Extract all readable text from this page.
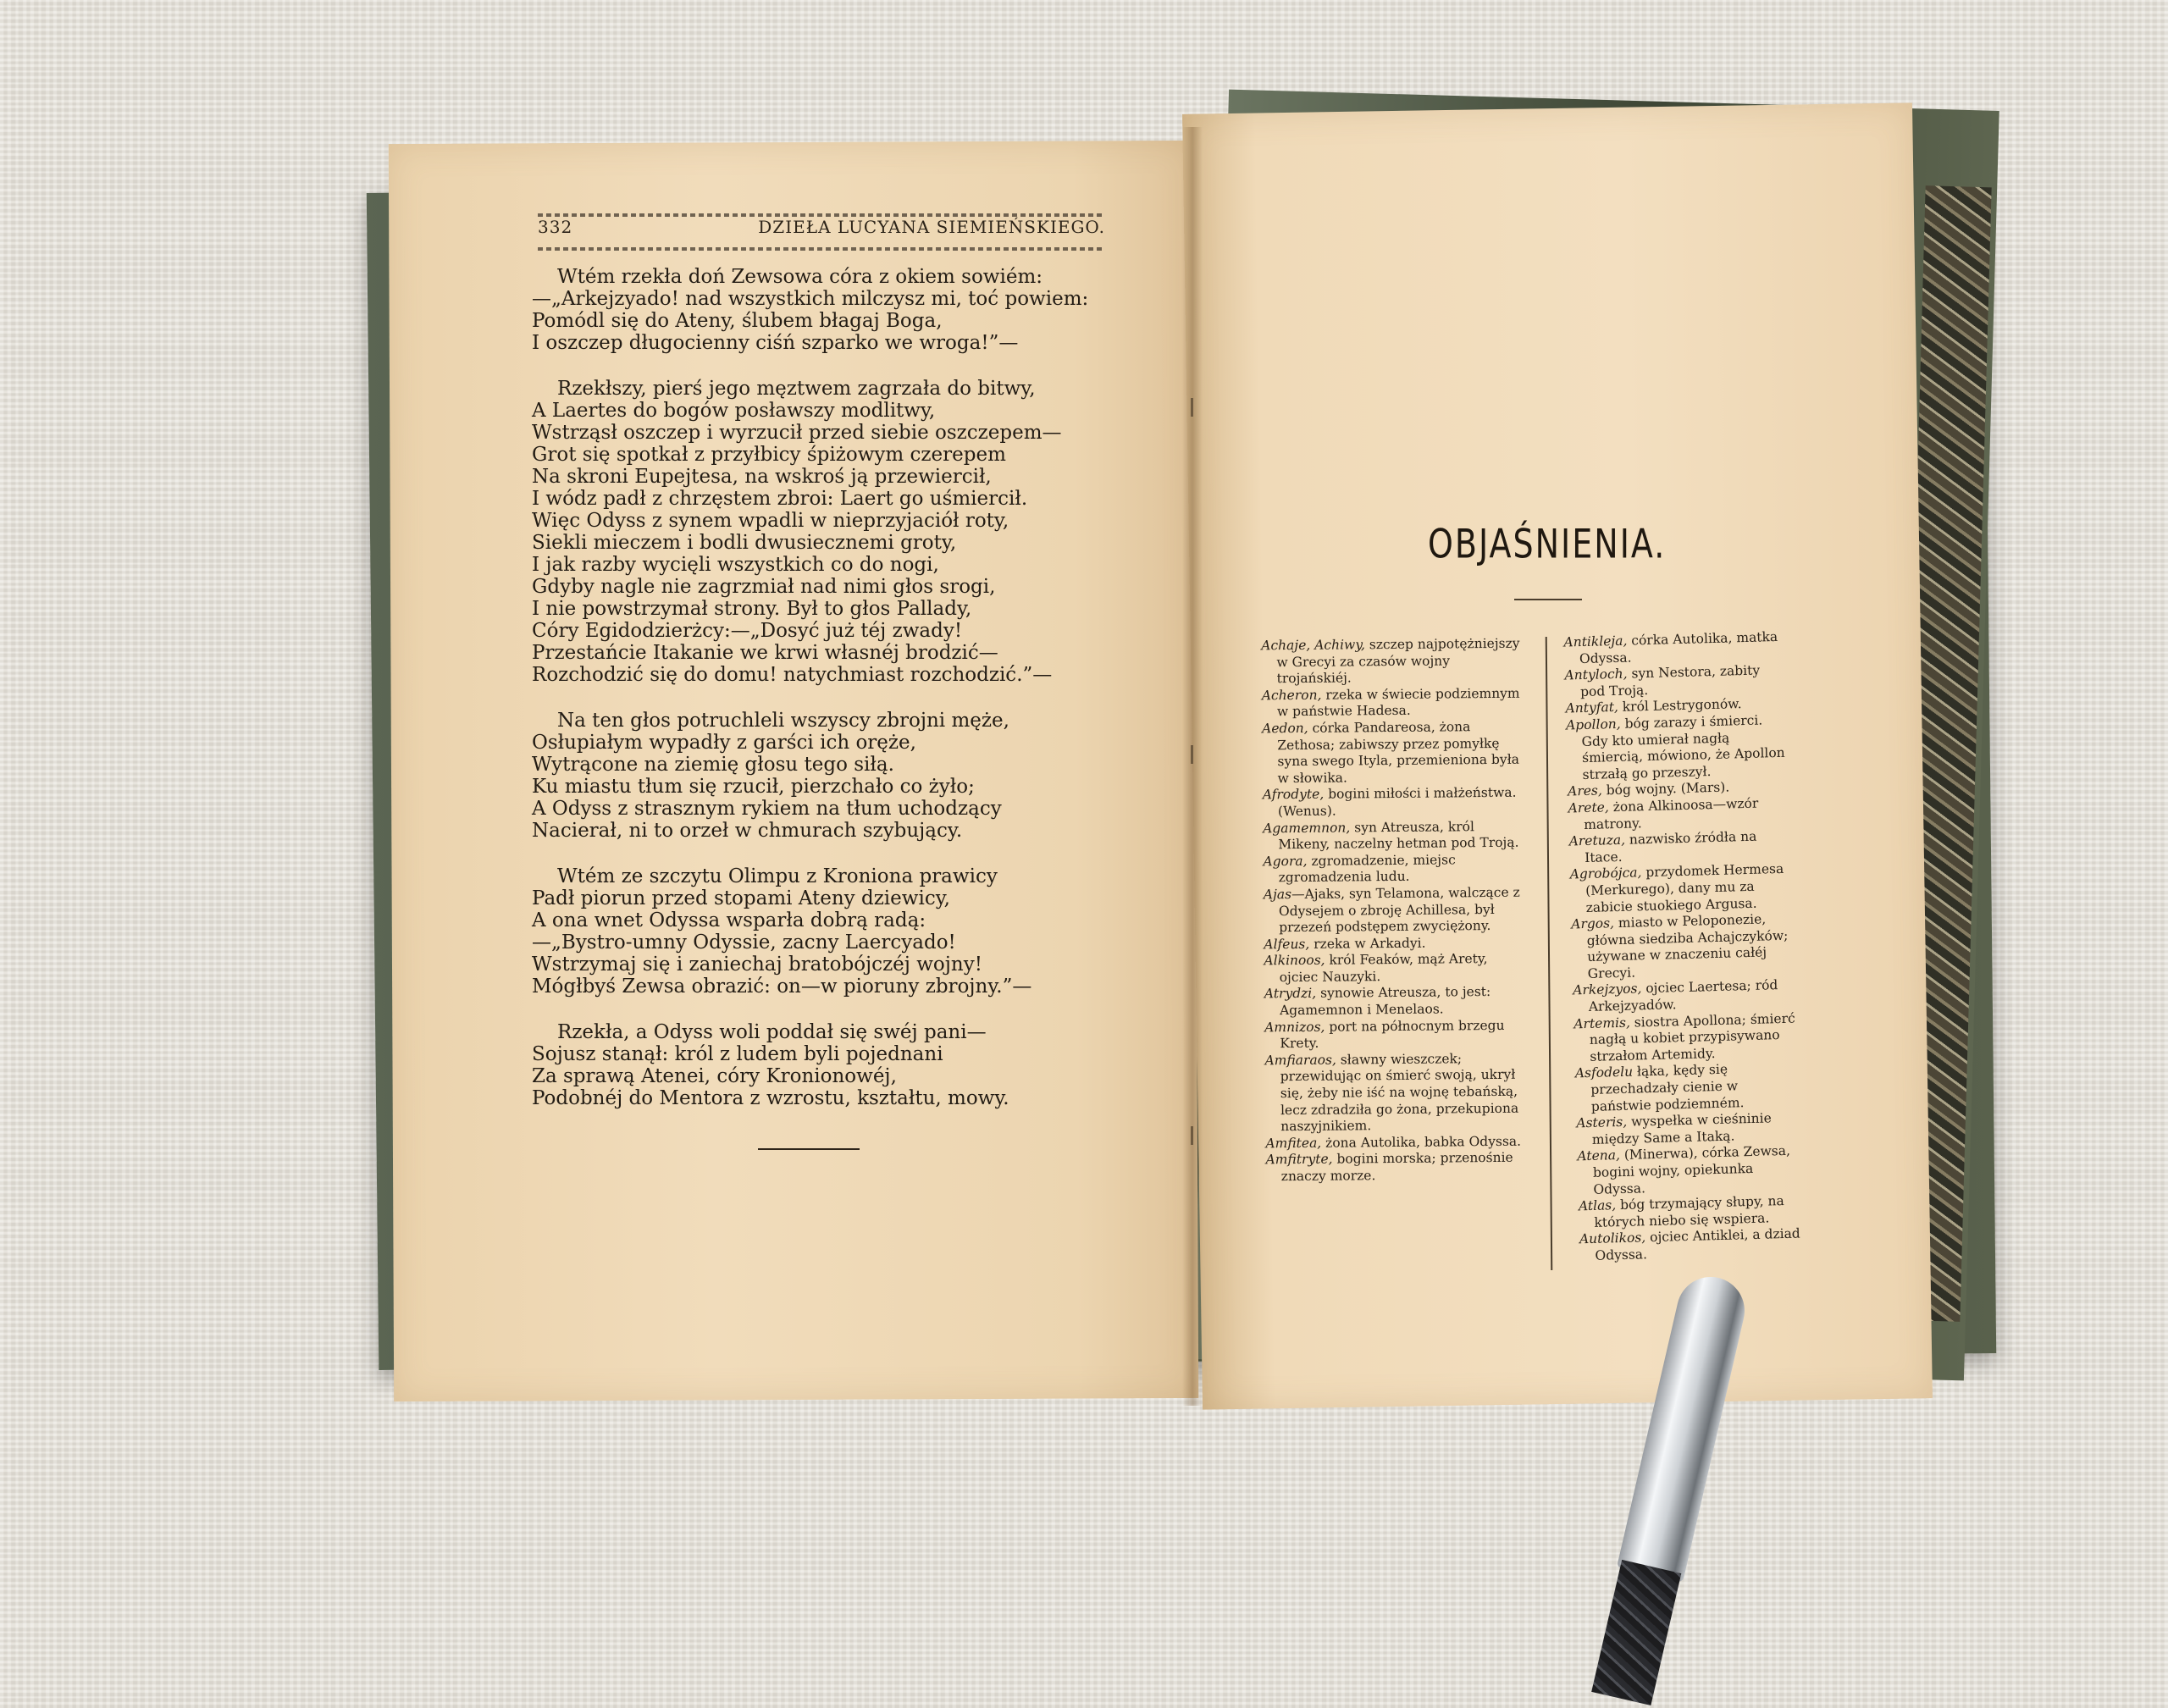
332	DZIEŁA LUCYANA SIEMIEŃSKIEGO.

Wtém rzekła doń Zewsowa córa z okiem sowiém:
—„Arkejzyado! nad wszystkich milczysz mi, toć powiem:
Pomódl się do Ateny, ślubem błagaj Boga,
I oszczep długocienny ciśń szparko we wroga!”—

Rzekłszy, pierś jego męztwem zagrzała do bitwy,
A Laertes do bogów posławszy modlitwy,
Wstrząsł oszczep i wyrzucił przed siebie oszczepem—
Grot się spotkał z przyłbicy śpiżowym czerepem
Na skroni Eupejtesa, na wskroś ją przewiercił,
I wódz padł z chrzęstem zbroi: Laert go uśmiercił.
Więc Odyss z synem wpadli w nieprzyjaciół roty,
Siekli mieczem i bodli dwusiecznemi groty,
I jak razby wycięli wszystkich co do nogi,
Gdyby nagle nie zagrzmiał nad nimi głos srogi,
I nie powstrzymał strony. Był to głos Pallady,
Córy Egidodzierżcy:—„Dosyć już téj zwady!
Przestańcie Itakanie we krwi własnéj brodzić—
Rozchodzić się do domu! natychmiast rozchodzić.”—

Na ten głos potruchleli wszyscy zbrojni męże,
Osłupiałym wypadły z garści ich oręże,
Wytrącone na ziemię głosu tego siłą.
Ku miastu tłum się rzucił, pierzchało co żyło;
A Odyss z strasznym rykiem na tłum uchodzący
Nacierał, ni to orzeł w chmurach szybujący.

Wtém ze szczytu Olimpu z Kroniona prawicy
Padł piorun przed stopami Ateny dziewicy,
A ona wnet Odyssa wsparła dobrą radą:
—„Bystro-umny Odyssie, zacny Laercyado!
Wstrzymaj się i zaniechaj bratobójczéj wojny!
Mógłbyś Zewsa obrazić: on—w pioruny zbrojny.”—

Rzekła, a Odyss woli poddał się swéj pani—
Sojusz stanął: król z ludem byli pojednani
Za sprawą Atenei, córy Kronionowéj,
Podobnéj do Mentora z wzrostu, kształtu, mowy.

OBJAŚNIENIA.

Achaje, Achiwy, szczep najpotężniejszy w Grecyi za czasów wojny trojańskiéj.

Acheron, rzeka w świecie podziemnym w państwie Hadesa.

Aedon, córka Pandareosa, żona Zethosa; zabiwszy przez pomyłkę syna swego Ityla, przemieniona była w słowika.

Afrodyte, bogini miłości i małżeństwa. (Wenus).

Agamemnon, syn Atreusza, król Mikeny, naczelny hetman pod Troją.

Agora, zgromadzenie, miejsc zgromadzenia ludu.

Ajas—Ajaks, syn Telamona, walczące z Odysejem o zbroję Achillesa, był przezeń podstępem zwyciężony.

Alfeus, rzeka w Arkadyi.

Alkinoos, król Feaków, mąż Arety, ojciec Nauzyki.

Atrydzi, synowie Atreusza, to jest: Agamemnon i Menelaos.

Amnizos, port na północnym brzegu Krety.

Amfiaraos, sławny wieszczek; przewidując on śmierć swoją, ukrył się, żeby nie iść na wojnę tebańską, lecz zdradziła go żona, przekupiona naszyjnikiem.

Amfitea, żona Autolika, babka Odyssa.

Amfitryte, bogini morska; przenośnie znaczy morze.

Antikleja, córka Autolika, matka Odyssa.

Antyloch, syn Nestora, zabity pod Troją.

Antyfat, król Lestrygonów.

Apollon, bóg zarazy i śmierci. Gdy kto umierał nagłą śmiercią, mówiono, że Apollon strzałą go przeszył.

Ares, bóg wojny. (Mars).

Arete, żona Alkinoosa—wzór matrony.

Aretuza, nazwisko źródła na Itace.

Agrobójca, przydomek Hermesa (Merkurego), dany mu za zabicie stuokiego Argusa.

Argos, miasto w Peloponezie, główna siedziba Achajczyków; używane w znaczeniu całéj Grecyi.

Arkejzyos, ojciec Laertesa; ród Arkejzyadów.

Artemis, siostra Apollona; śmierć nagłą u kobiet przypisywano strzałom Artemidy.

Asfodelu łąka, kędy się przechadzały cienie w państwie podziemném.

Asteris, wyspełka w cieśninie między Same a Itaką.

Atena, (Minerwa), córka Zewsa, bogini wojny, opiekunka Odyssa.

Atlas, bóg trzymający słupy, na których niebo się wspiera.

Autolikos, ojciec Antiklei, a dziad Odyssa.
